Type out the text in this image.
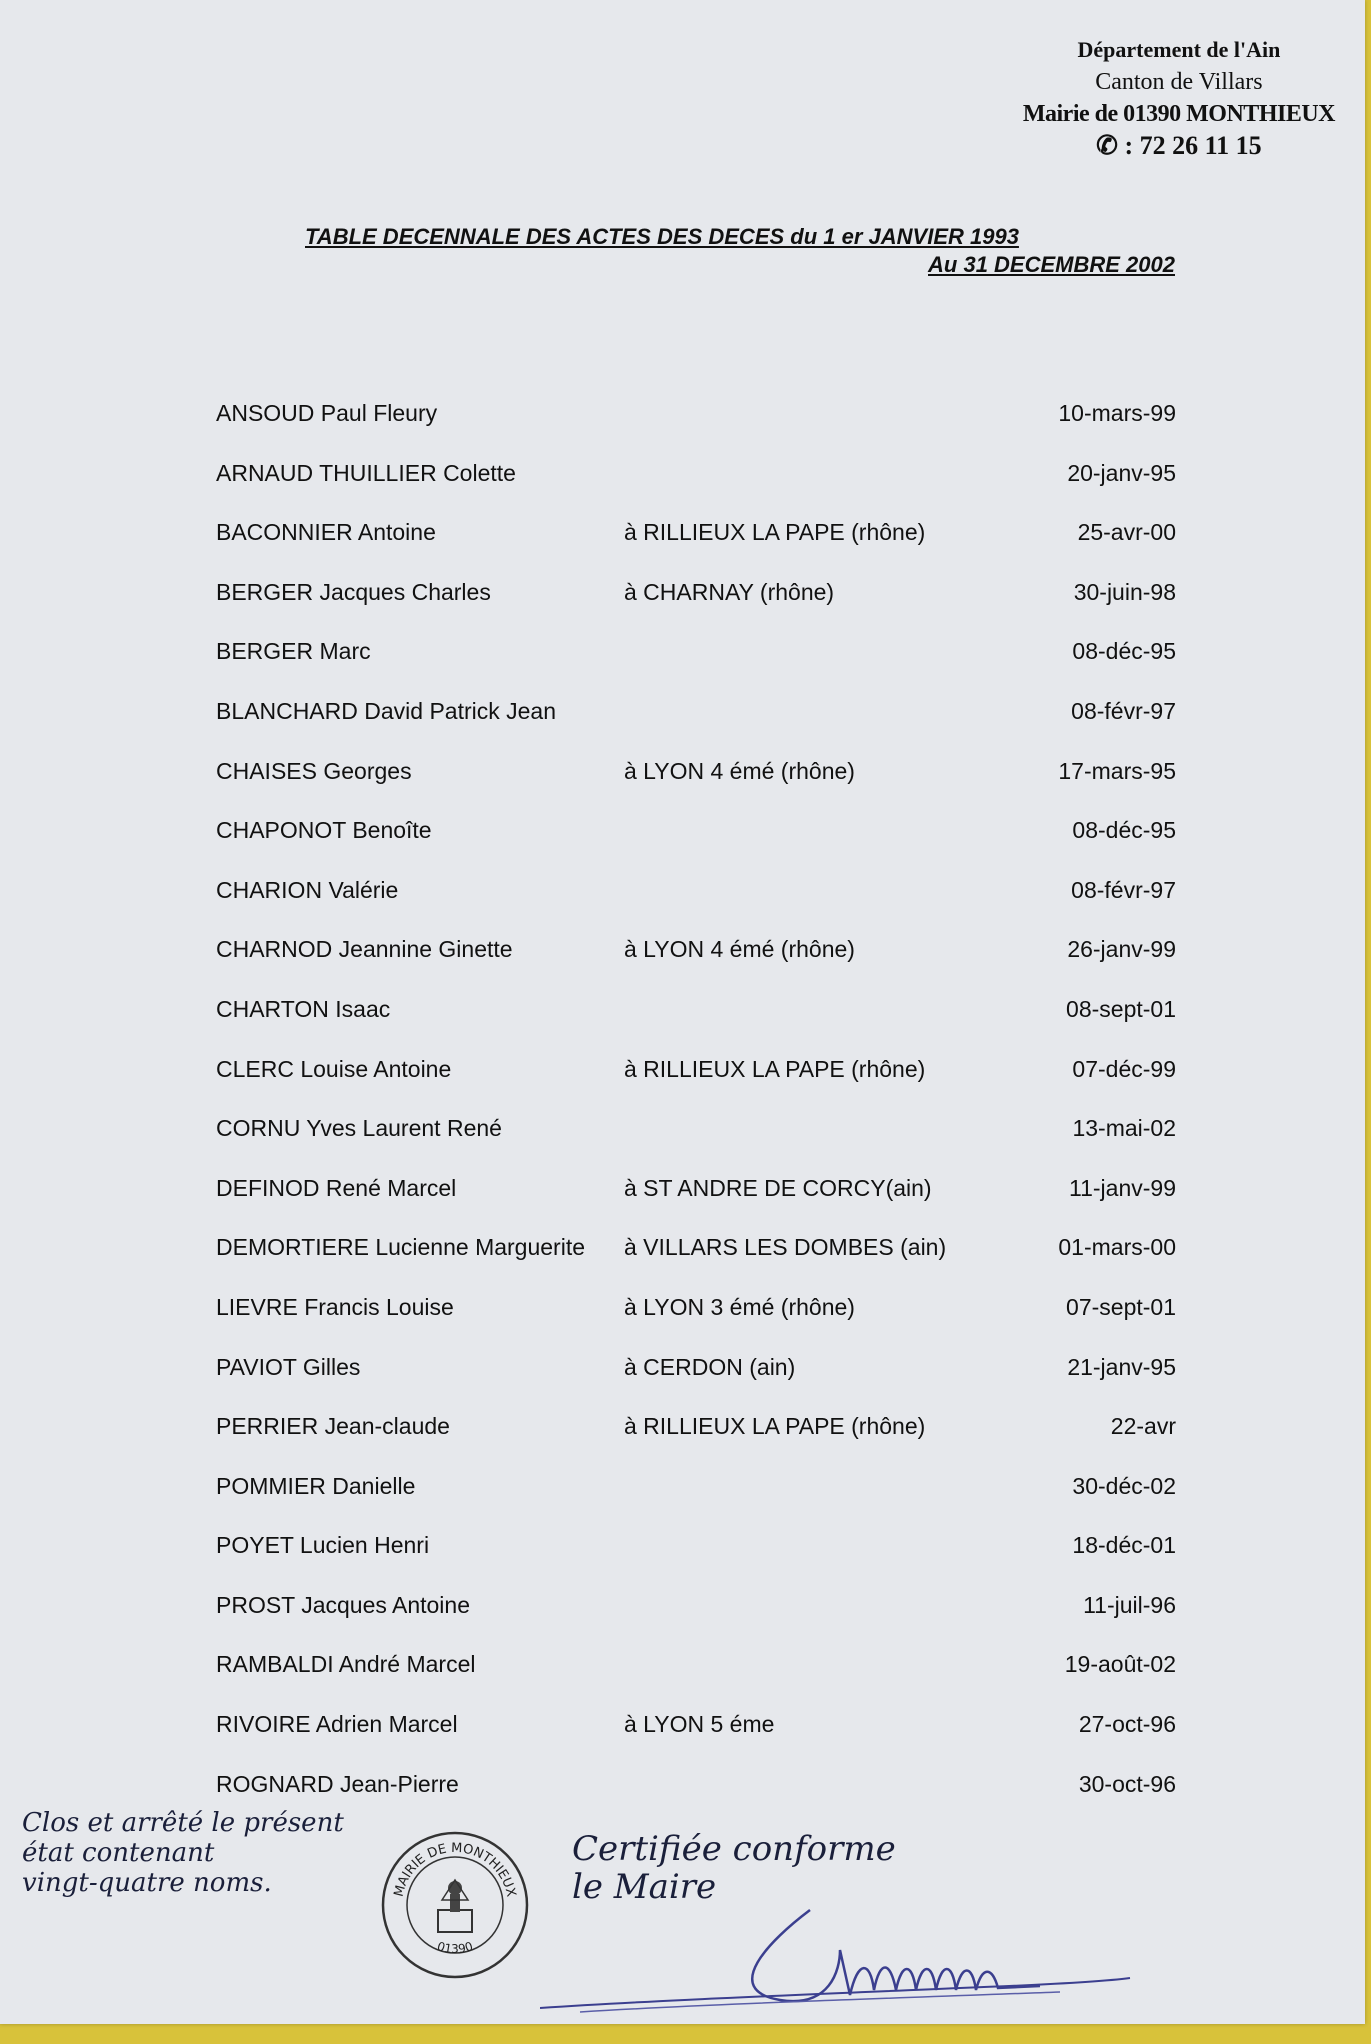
Département de l'Ain
Canton de Villars
Mairie de 01390 MONTHIEUX
✆ : 72 26 11 15
TABLE DECENNALE DES ACTES DES DECES du 1 er JANVIER 1993
Au 31 DECEMBRE 2002
ANSOUD Paul Fleury	10-mars-99
ARNAUD THUILLIER Colette	20-janv-95
BACONNIER Antoine	à RILLIEUX LA PAPE (rhône)	25-avr-00
BERGER Jacques Charles	à CHARNAY (rhône)	30-juin-98
BERGER Marc	08-déc-95
BLANCHARD David Patrick Jean	08-févr-97
CHAISES Georges	à LYON 4 émé (rhône)	17-mars-95
CHAPONOT Benoîte	08-déc-95
CHARION Valérie	08-févr-97
CHARNOD Jeannine Ginette	à LYON 4 émé (rhône)	26-janv-99
CHARTON Isaac	08-sept-01
CLERC Louise Antoine	à RILLIEUX LA PAPE (rhône)	07-déc-99
CORNU Yves Laurent René	13-mai-02
DEFINOD René Marcel	à ST ANDRE DE CORCY(ain)	11-janv-99
DEMORTIERE Lucienne Marguerite à VILLARS LES DOMBES (ain)	01-mars-00
LIEVRE Francis Louise	à LYON 3 émé (rhône)	07-sept-01
PAVIOT Gilles	à CERDON (ain)	21-janv-95
PERRIER Jean-claude	à RILLIEUX LA PAPE (rhône)	22-avr
POMMIER Danielle	30-déc-02
POYET Lucien Henri	18-déc-01
PROST Jacques Antoine	11-juil-96
RAMBALDI André Marcel	19-août-02
RIVOIRE Adrien Marcel	à LYON 5 éme	27-oct-96
ROGNARD Jean-Pierre	30-oct-96
Clos et arrêté le présent
état contenant
vingt-quatre noms.	MAIRIE DE MONTHIEUX
01390
Certifiée conforme
le Maire
